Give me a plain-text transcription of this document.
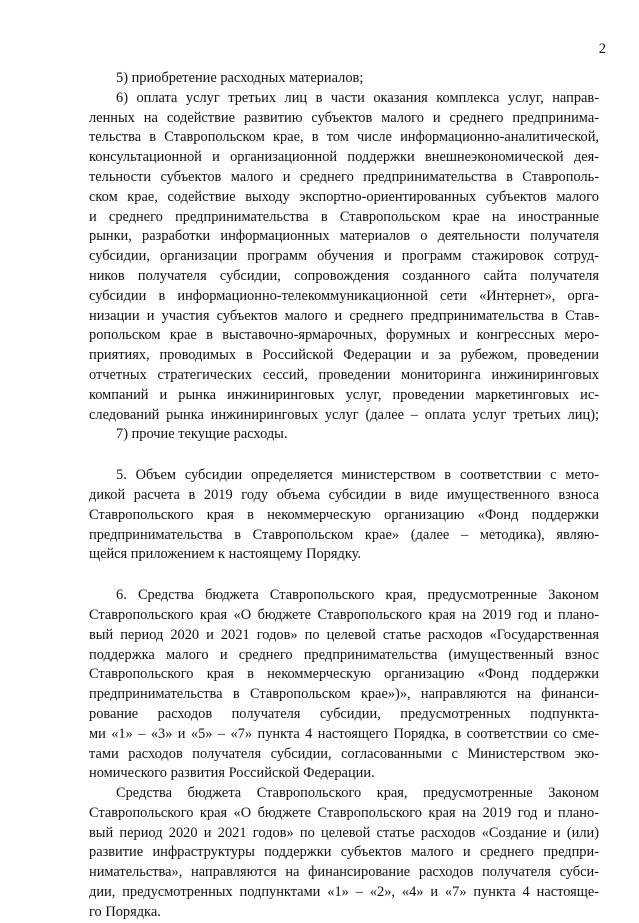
2
5) приобретение расходных материалов;
6) оплата услуг третьих лиц в части оказания комплекса услуг, направ-
ленных на содействие развитию субъектов малого и среднего предпринима-
тельства в Ставропольском крае, в том числе информационно-аналитической,
консультационной и организационной поддержки внешнеэкономической дея-
тельности субъектов малого и среднего предпринимательства в Ставрополь-
ском крае, содействие выходу экспортно-ориентированных субъектов малого
и среднего предпринимательства в Ставропольском крае на иностранные
рынки, разработки информационных материалов о деятельности получателя
субсидии, организации программ обучения и программ стажировок сотруд-
ников получателя субсидии, сопровождения созданного сайта получателя
субсидии в информационно-телекоммуникационной сети «Интернет», орга-
низации и участия субъектов малого и среднего предпринимательства в Став-
ропольском крае в выставочно-ярмарочных, форумных и конгрессных меро-
приятиях, проводимых в Российской Федерации и за рубежом, проведении
отчетных стратегических сессий, проведении мониторинга инжиниринговых
компаний и рынка инжиниринговых услуг, проведении маркетинговых ис-
следований рынка инжиниринговых услуг (далее – оплата услуг третьих лиц);
7) прочие текущие расходы.
5. Объем субсидии определяется министерством в соответствии с мето-
дикой расчета в 2019 году объема субсидии в виде имущественного взноса
Ставропольского края в некоммерческую организацию «Фонд поддержки
предпринимательства в Ставропольском крае» (далее – методика), являю-
щейся приложением к настоящему Порядку.
6. Средства бюджета Ставропольского края, предусмотренные Законом
Ставропольского края «О бюджете Ставропольского края на 2019 год и плано-
вый период 2020 и 2021 годов» по целевой статье расходов «Государственная
поддержка малого и среднего предпринимательства (имущественный взнос
Ставропольского края в некоммерческую организацию «Фонд поддержки
предпринимательства в Ставропольском крае»)», направляются на финанси-
рование расходов получателя субсидии, предусмотренных подпункта-
ми «1» – «3» и «5» – «7» пункта 4 настоящего Порядка, в соответствии со сме-
тами расходов получателя субсидии, согласованными с Министерством эко-
номического развития Российской Федерации.
Средства бюджета Ставропольского края, предусмотренные Законом
Ставропольского края «О бюджете Ставропольского края на 2019 год и плано-
вый период 2020 и 2021 годов» по целевой статье расходов «Создание и (или)
развитие инфраструктуры поддержки субъектов малого и среднего предпри-
нимательства», направляются на финансирование расходов получателя субси-
дии, предусмотренных подпунктами «1» – «2», «4» и «7» пункта 4 настояще-
го Порядка.
